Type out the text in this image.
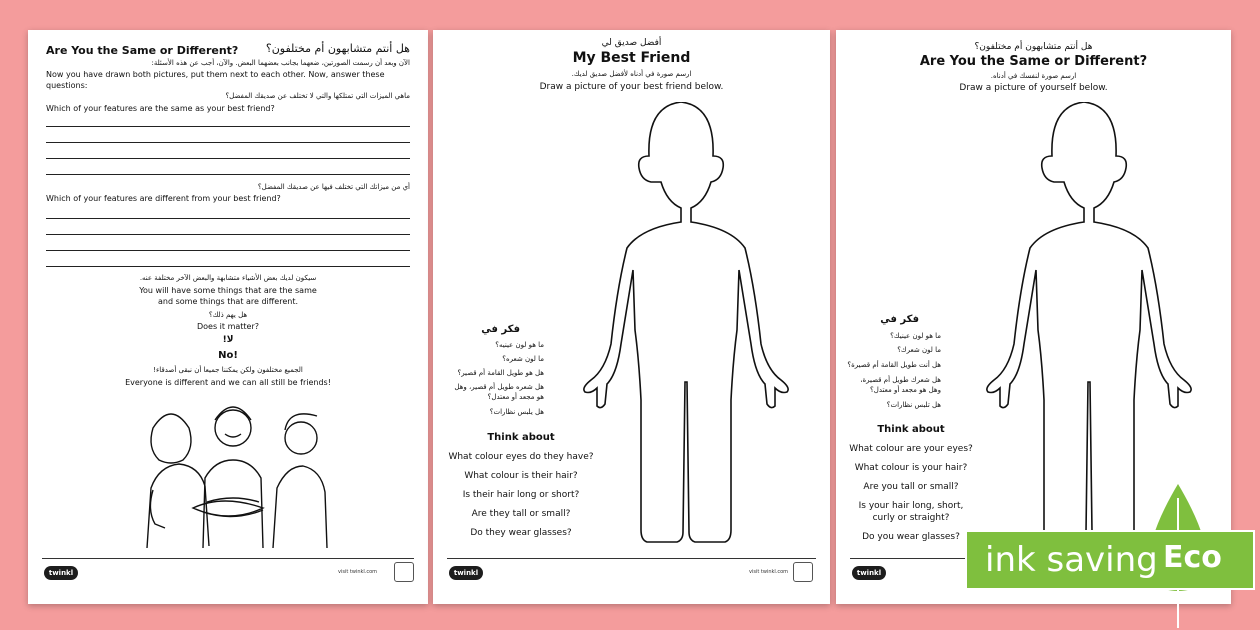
Are You the Same or Different?	هل أنتم متشابهون أم مختلفون؟
الآن وبعد أن رسمت الصورتين، ضعهما بجانب بعضهما البعض. والآن، أجب عن هذه الأسئلة:
Now you have drawn both pictures, put them next to each other. Now, answer these
questions:
ماهي الميزات التي تمتلكها والتي لا تختلف عن صديقك المفضل؟
Which of your features are the same as your best friend?
أي من ميزاتك التي تختلف فيها عن صديقك المفضل؟
Which of your features are different from your best friend?
سيكون لديك بعض الأشياء متشابهة والبعض الآخر مختلفة عنه.
You will have some things that are the same
and some things that are different.
هل يهم ذلك؟
Does it matter?
لا!
No!
الجميع مختلفون ولكن يمكننا جميعا أن نبقى أصدقاء!
Everyone is different and we can all still be friends!
twinkl	visit twinkl.com
أفضل صديق لي
My Best Friend
ارسم صورة في أدناه لأفضل صديق لديك.
Draw a picture of your best friend below.
فكر في
ما هو لون عينيه؟
ما لون شعره؟
هل هو طويل القامة أم قصير؟
هل شعره طويل أم قصير، وهل
هو مجعد أو معتدل؟
هل يلبس نظارات؟
Think about
What colour eyes do they have?
What colour is their hair?
Is their hair long or short?
Are they tall or small?
Do they wear glasses?
twinkl	visit twinkl.com
هل أنتم متشابهون أم مختلفون؟
Are You the Same or Different?
ارسم صورة لنفسك في أدناه.
Draw a picture of yourself below.
فكر في
ما هو لون عينيك؟
ما لون شعرك؟
هل أنت طويل القامة أم قصيرة؟
هل شعرك طويل أم قصيرة،
وهل هو مجعد أو معتدل؟
هل تلبس نظارات؟
Think about
What colour are your eyes?
What colour is your hair?
Are you tall or small?
Is your hair long, short,
curly or straight?
Do you wear glasses?
twinkl	ink saving Eco
